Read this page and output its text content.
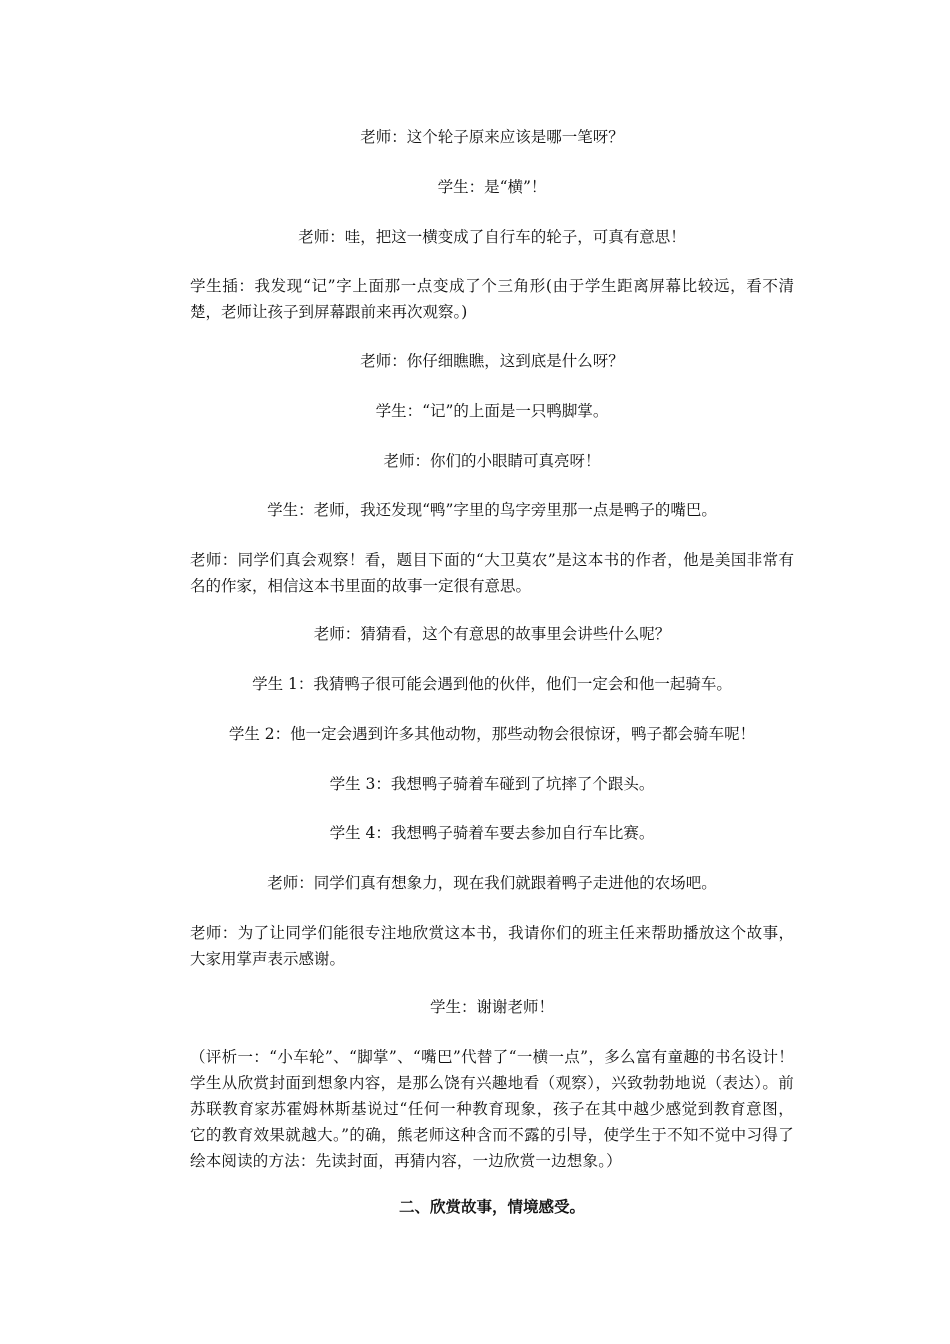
老师：这个轮子原来应该是哪一笔呀？
学生：是“横”！
老师：哇，把这一横变成了自行车的轮子，可真有意思！
学生插：我发现“记”字上面那一点变成了个三角形(由于学生距离屏幕比较远，看不清楚，老师让孩子到屏幕跟前来再次观察。)
老师：你仔细瞧瞧，这到底是什么呀？
学生：“记”的上面是一只鸭脚掌。
老师：你们的小眼睛可真亮呀！
学生：老师，我还发现“鸭”字里的鸟字旁里那一点是鸭子的嘴巴。
老师：同学们真会观察！看，题目下面的“大卫莫农”是这本书的作者，他是美国非常有名的作家，相信这本书里面的故事一定很有意思。
老师：猜猜看，这个有意思的故事里会讲些什么呢？
学生 1：我猜鸭子很可能会遇到他的伙伴，他们一定会和他一起骑车。
学生 2：他一定会遇到许多其他动物，那些动物会很惊讶，鸭子都会骑车呢！
学生 3：我想鸭子骑着车碰到了坑摔了个跟头。
学生 4：我想鸭子骑着车要去参加自行车比赛。
老师：同学们真有想象力，现在我们就跟着鸭子走进他的农场吧。
老师：为了让同学们能很专注地欣赏这本书，我请你们的班主任来帮助播放这个故事，大家用掌声表示感谢。
学生：谢谢老师！
（评析一：“小车轮”、“脚掌”、“嘴巴”代替了“一横一点”，多么富有童趣的书名设计！学生从欣赏封面到想象内容，是那么饶有兴趣地看（观察），兴致勃勃地说（表达）。前苏联教育家苏霍姆林斯基说过“任何一种教育现象，孩子在其中越少感觉到教育意图，它的教育效果就越大。”的确，熊老师这种含而不露的引导，使学生于不知不觉中习得了绘本阅读的方法：先读封面，再猜内容，一边欣赏一边想象。）
二、欣赏故事，情境感受。
